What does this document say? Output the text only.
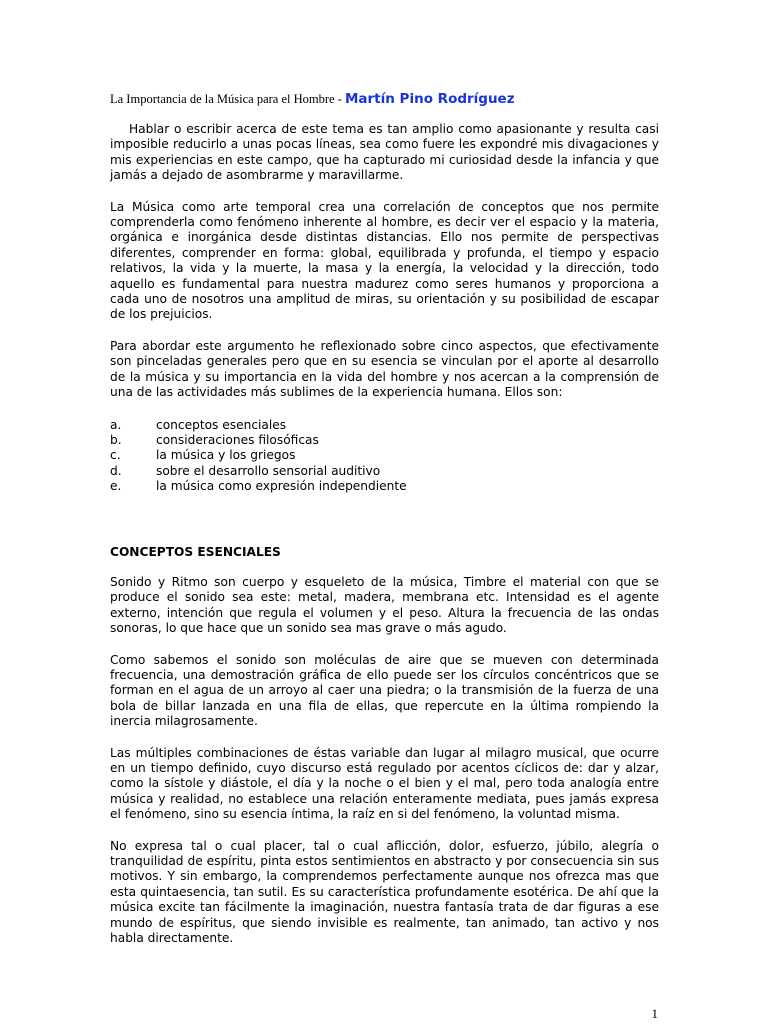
La Importancia de la Música para el Hombre - Martín Pino Rodríguez

Hablar o escribir acerca de este tema es tan amplio como apasionante y resulta casi imposible reducirlo a unas pocas líneas, sea como fuere les expondré mis divagaciones y mis experiencias en este campo, que ha capturado mi curiosidad desde la infancia y que jamás a dejado de asombrarme y maravillarme.

La Música como arte temporal crea una correlación de conceptos que nos permite comprenderla como fenómeno inherente al hombre, es decir ver el espacio y la materia, orgánica e inorgánica desde distintas distancias. Ello nos permite de perspectivas diferentes, comprender en forma: global, equilibrada y profunda, el tiempo y espacio relativos, la vida y la muerte, la masa y la energía, la velocidad y la dirección, todo aquello es fundamental para nuestra madurez como seres humanos y proporciona a cada uno de nosotros una amplitud de miras, su orientación y su posibilidad de escapar de los prejuicios.

Para abordar este argumento he reflexionado sobre cinco aspectos, que efectivamente son pinceladas generales pero que en su esencia se vinculan por el aporte al desarrollo de la música y su importancia en la vida del hombre y nos acercan a la comprensión de una de las actividades más sublimes de la experiencia humana. Ellos son:

a.	conceptos esenciales
b.	consideraciones filosóficas
c.	la música y los griegos
d.	sobre el desarrollo sensorial auditivo
e.	la música como expresión independiente

CONCEPTOS ESENCIALES

Sonido y Ritmo son cuerpo y esqueleto de la música, Timbre el material con que se produce el sonido sea este: metal, madera, membrana etc. Intensidad es el agente externo, intención que regula el volumen y el peso. Altura la frecuencia de las ondas sonoras, lo que hace que un sonido sea mas grave o más agudo.

Como sabemos el sonido son moléculas de aire que se mueven con determinada frecuencia, una demostración gráfica de ello puede ser los círculos concéntricos que se forman en el agua de un arroyo al caer una piedra; o la transmisión de la fuerza de una bola de billar lanzada en una fila de ellas, que repercute en la última rompiendo la inercia milagrosamente.

Las múltiples combinaciones de éstas variable dan lugar al milagro musical, que ocurre en un tiempo definido, cuyo discurso está regulado por acentos cíclicos de: dar y alzar, como la sístole y diástole, el día y la noche o el bien y el mal, pero toda analogía entre música y realidad, no establece una relación enteramente mediata, pues jamás expresa el fenómeno, sino su esencia íntima, la raíz en si del fenómeno, la voluntad misma.

No expresa tal o cual placer, tal o cual aflicción, dolor, esfuerzo, júbilo, alegría o tranquilidad de espíritu, pinta estos sentimientos en abstracto y por consecuencia sin sus motivos. Y sin embargo, la comprendemos perfectamente aunque nos ofrezca mas que esta quintaesencia, tan sutil. Es su característica profundamente esotérica. De ahí que la música excite tan fácilmente la imaginación, nuestra fantasía trata de dar figuras a ese mundo de espíritus, que siendo invisible es realmente, tan animado, tan activo y nos habla directamente.

1
